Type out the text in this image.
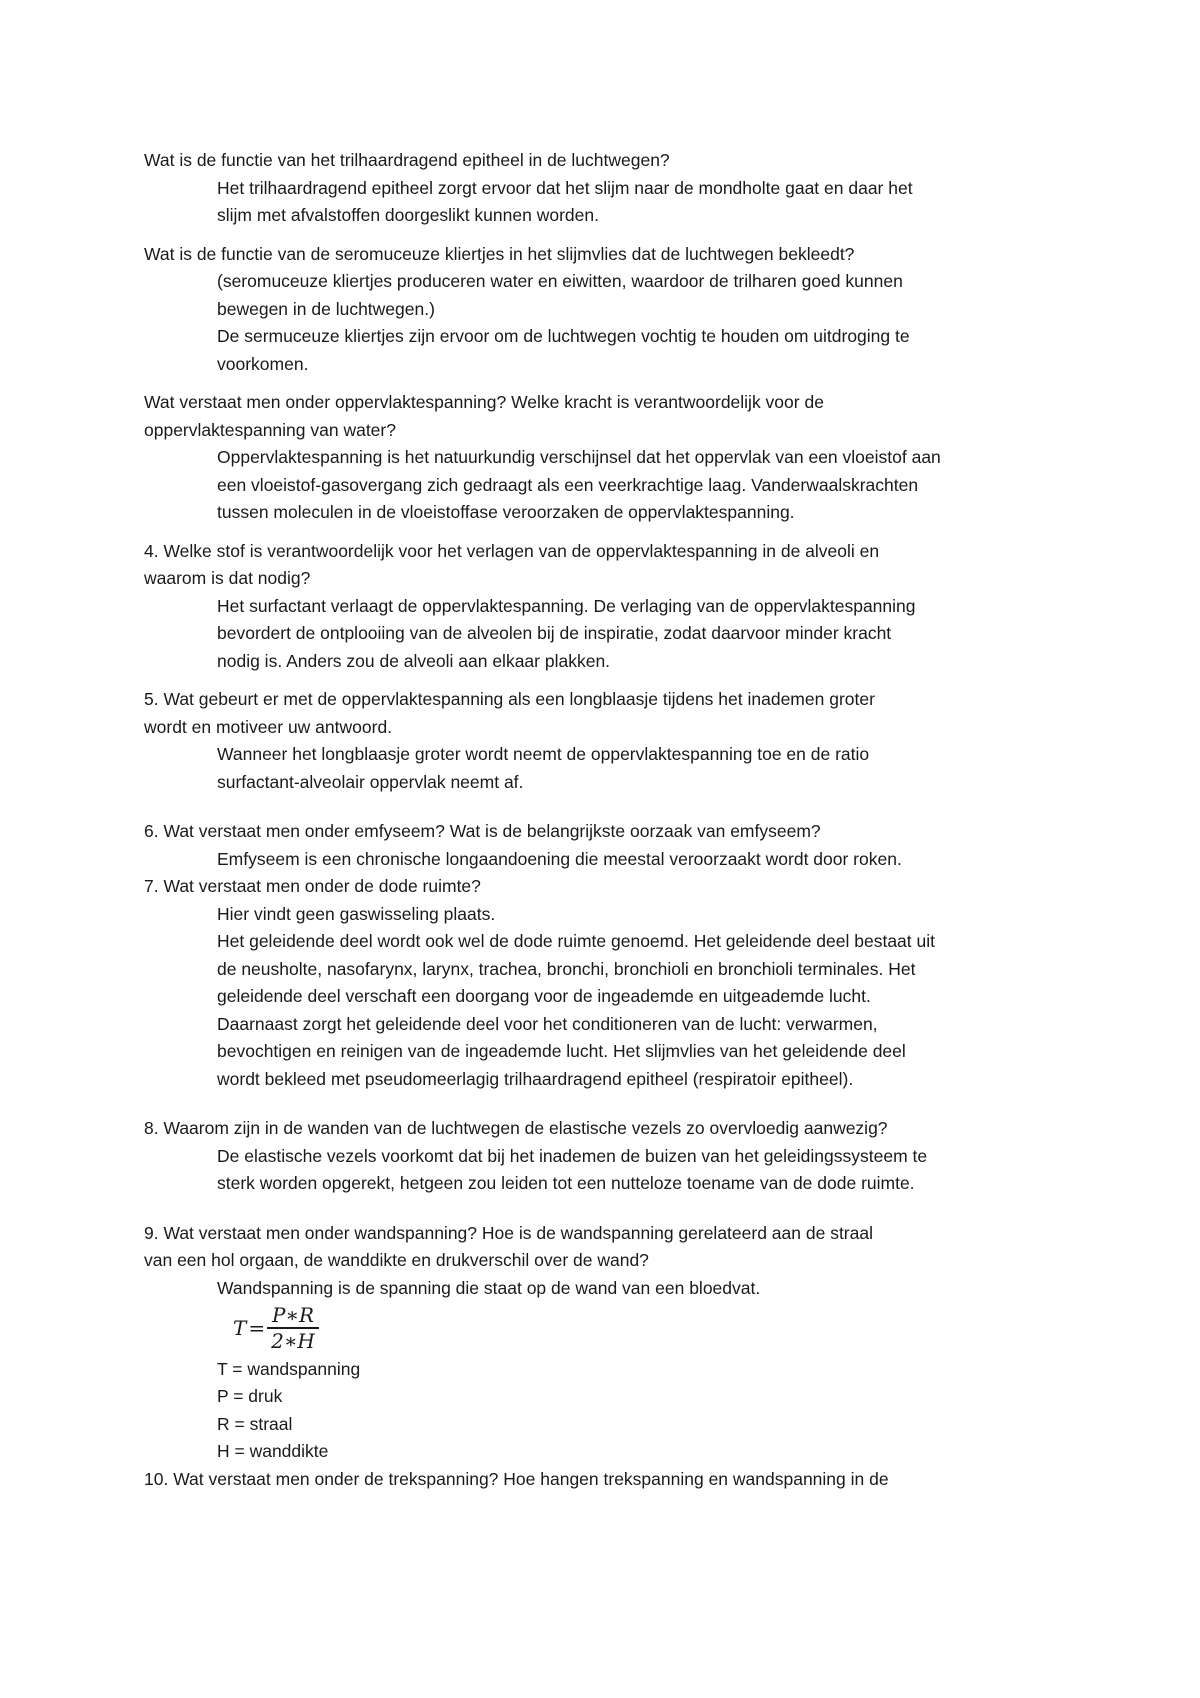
Wat is de functie van het trilhaardragend epitheel in de luchtwegen?

Het trilhaardragend epitheel zorgt ervoor dat het slijm naar de mondholte gaat en daar het

slijm met afvalstoffen doorgeslikt kunnen worden.

Wat is de functie van de seromuceuze kliertjes in het slijmvlies dat de luchtwegen bekleedt?

(seromuceuze kliertjes produceren water en eiwitten, waardoor de trilharen goed kunnen

bewegen in de luchtwegen.)

De sermuceuze kliertjes zijn ervoor om de luchtwegen vochtig te houden om uitdroging te

voorkomen.

Wat verstaat men onder oppervlaktespanning? Welke kracht is verantwoordelijk voor de

oppervlaktespanning van water?

Oppervlaktespanning is het natuurkundig verschijnsel dat het oppervlak van een vloeistof aan

een vloeistof-gasovergang zich gedraagt als een veerkrachtige laag. Vanderwaalskrachten

tussen moleculen in de vloeistoffase veroorzaken de oppervlaktespanning.

4. Welke stof is verantwoordelijk voor het verlagen van de oppervlaktespanning in de alveoli en

waarom is dat nodig?

Het surfactant verlaagt de oppervlaktespanning. De verlaging van de oppervlaktespanning

bevordert de ontplooiing van de alveolen bij de inspiratie, zodat daarvoor minder kracht

nodig is. Anders zou de alveoli aan elkaar plakken.

5. Wat gebeurt er met de oppervlaktespanning als een longblaasje tijdens het inademen groter

wordt en motiveer uw antwoord.

Wanneer het longblaasje groter wordt neemt de oppervlaktespanning toe en de ratio

surfactant-alveolair oppervlak neemt af.

6. Wat verstaat men onder emfyseem? Wat is de belangrijkste oorzaak van emfyseem?

Emfyseem is een chronische longaandoening die meestal veroorzaakt wordt door roken.

7. Wat verstaat men onder de dode ruimte?

Hier vindt geen gaswisseling plaats.

Het geleidende deel wordt ook wel de dode ruimte genoemd. Het geleidende deel bestaat uit

de neusholte, nasofarynx, larynx, trachea, bronchi, bronchioli en bronchioli terminales. Het

geleidende deel verschaft een doorgang voor de ingeademde en uitgeademde lucht.

Daarnaast zorgt het geleidende deel voor het conditioneren van de lucht: verwarmen,

bevochtigen en reinigen van de ingeademde lucht. Het slijmvlies van het geleidende deel

wordt bekleed met pseudomeerlagig trilhaardragend epitheel (respiratoir epitheel).

8. Waarom zijn in de wanden van de luchtwegen de elastische vezels zo overvloedig aanwezig?

De elastische vezels voorkomt dat bij het inademen de buizen van het geleidingssysteem te

sterk worden opgerekt, hetgeen zou leiden tot een nutteloze toename van de dode ruimte.

9. Wat verstaat men onder wandspanning? Hoe is de wandspanning gerelateerd aan de straal

van een hol orgaan, de wanddikte en drukverschil over de wand?

Wandspanning is de spanning die staat op de wand van een bloedvat.

$T = \frac{P∗R}{2∗H}$

T = wandspanning

P = druk

R = straal

H = wanddikte

10. Wat verstaat men onder de trekspanning? Hoe hangen trekspanning en wandspanning in de
